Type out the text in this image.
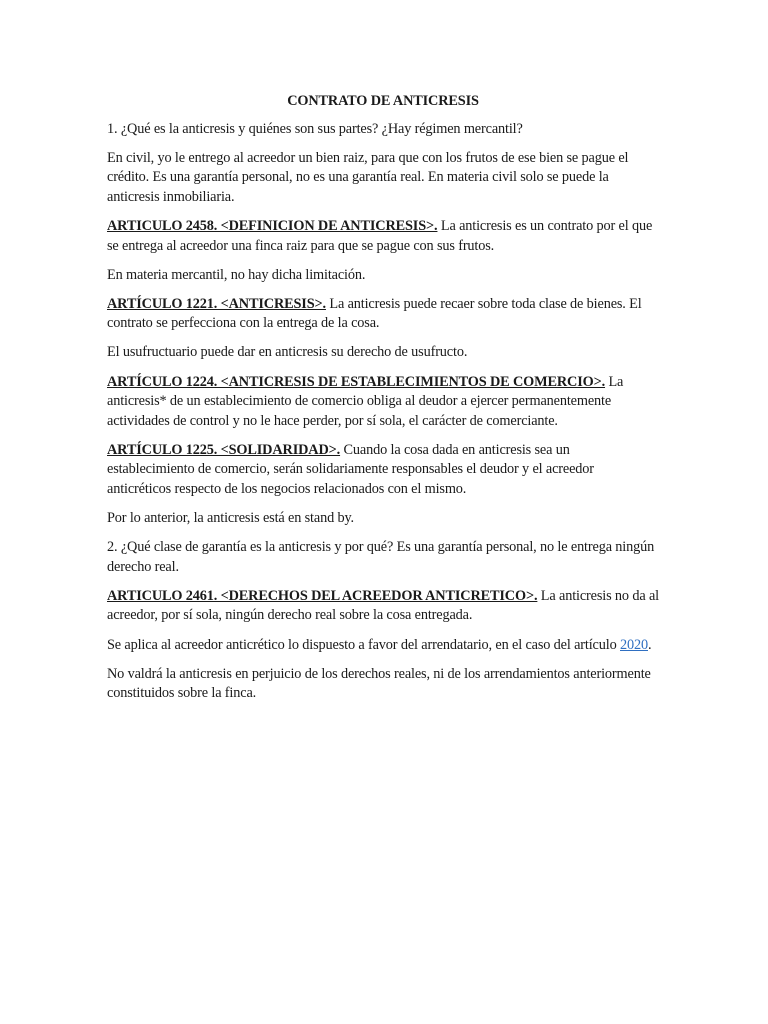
CONTRATO DE ANTICRESIS

1. ¿Qué es la anticresis y quiénes son sus partes? ¿Hay régimen mercantil?

En civil, yo le entrego al acreedor un bien raiz, para que con los frutos de ese bien se pague el crédito. Es una garantía personal, no es una garantía real. En materia civil solo se puede la anticresis inmobiliaria.

ARTICULO 2458. <DEFINICION DE ANTICRESIS>. La anticresis es un contrato por el que se entrega al acreedor una finca raiz para que se pague con sus frutos.

En materia mercantil, no hay dicha limitación.

ARTÍCULO 1221. <ANTICRESIS>. La anticresis puede recaer sobre toda clase de bienes. El contrato se perfecciona con la entrega de la cosa.

El usufructuario puede dar en anticresis su derecho de usufructo.

ARTÍCULO 1224. <ANTICRESIS DE ESTABLECIMIENTOS DE COMERCIO>. La anticresis* de un establecimiento de comercio obliga al deudor a ejercer permanentemente actividades de control y no le hace perder, por sí sola, el carácter de comerciante.

ARTÍCULO 1225. <SOLIDARIDAD>. Cuando la cosa dada en anticresis sea un establecimiento de comercio, serán solidariamente responsables el deudor y el acreedor anticréticos respecto de los negocios relacionados con el mismo.

Por lo anterior, la anticresis está en stand by.

2. ¿Qué clase de garantía es la anticresis y por qué? Es una garantía personal, no le entrega ningún derecho real.

ARTICULO 2461. <DERECHOS DEL ACREEDOR ANTICRETICO>. La anticresis no da al acreedor, por sí sola, ningún derecho real sobre la cosa entregada.

Se aplica al acreedor anticrético lo dispuesto a favor del arrendatario, en el caso del artículo 2020.

No valdrá la anticresis en perjuicio de los derechos reales, ni de los arrendamientos anteriormente constituidos sobre la finca.
